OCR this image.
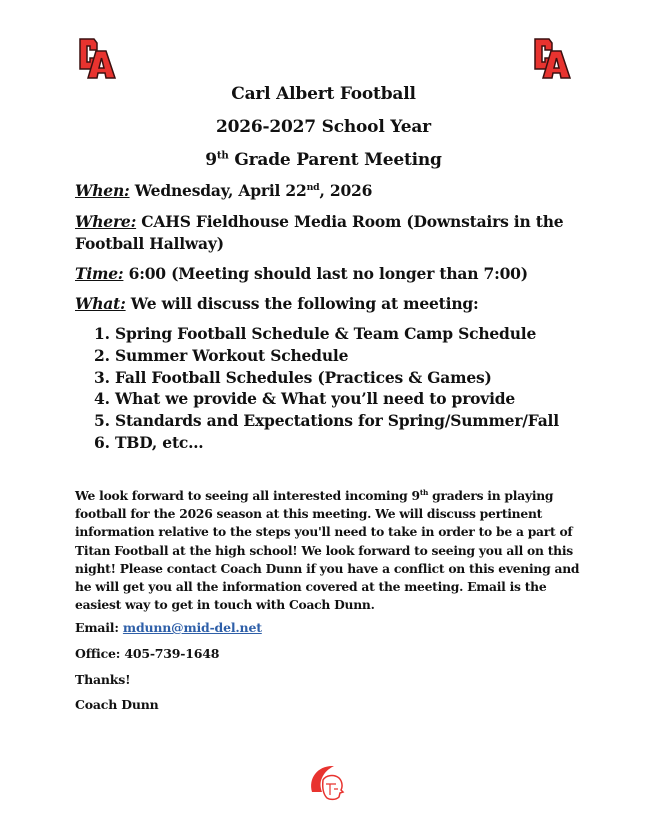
Carl Albert Football
2026-2027 School Year
9th Grade Parent Meeting
When: Wednesday, April 22nd, 2026
Where: CAHS Fieldhouse Media Room (Downstairs in the Football Hallway)
Time: 6:00 (Meeting should last no longer than 7:00)
What: We will discuss the following at meeting:
1. Spring Football Schedule & Team Camp Schedule
2. Summer Workout Schedule
3. Fall Football Schedules (Practices & Games)
4. What we provide & What you’ll need to provide
5. Standards and Expectations for Spring/Summer/Fall
6. TBD, etc…
We look forward to seeing all interested incoming 9th graders in playing football for the 2026 season at this meeting. We will discuss pertinent information relative to the steps you'll need to take in order to be a part of Titan Football at the high school! We look forward to seeing you all on this night! Please contact Coach Dunn if you have a conflict on this evening and he will get you all the information covered at the meeting. Email is the easiest way to get in touch with Coach Dunn.
Email: mdunn@mid-del.net
Office: 405-739-1648
Thanks!
Coach Dunn
